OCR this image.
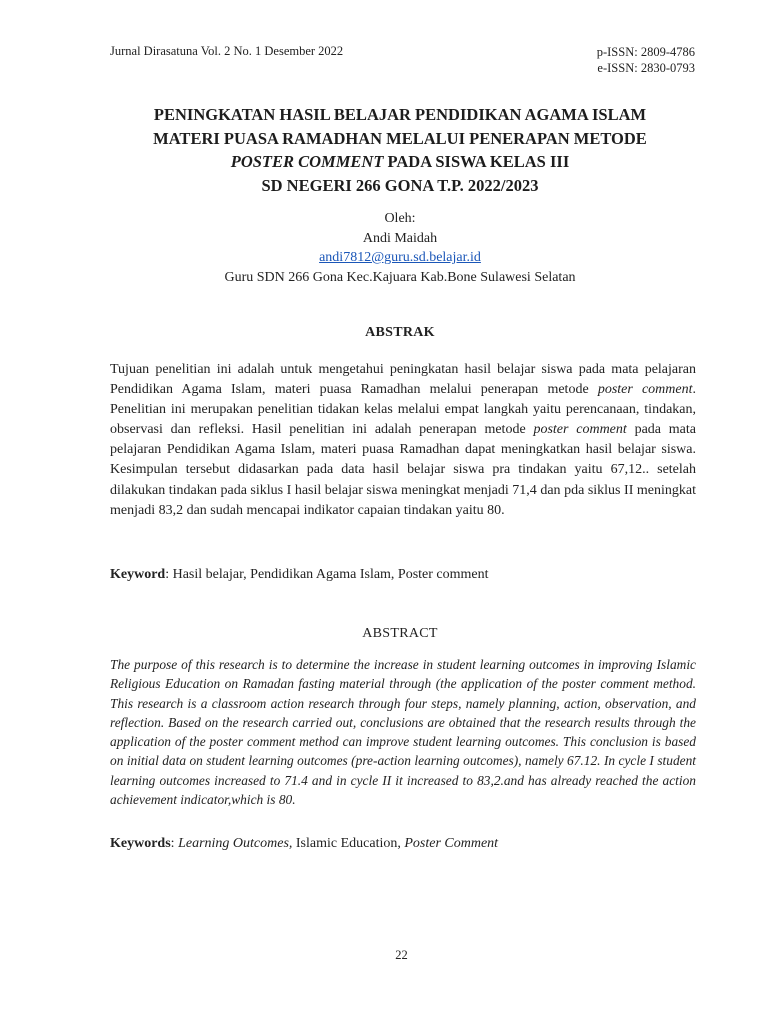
Jurnal Dirasatuna Vol. 2 No. 1 Desember 2022	p-ISSN: 2809-4786
e-ISSN: 2830-0793
PENINGKATAN HASIL BELAJAR PENDIDIKAN AGAMA ISLAM
MATERI PUASA RAMADHAN MELALUI PENERAPAN METODE
POSTER COMMENT PADA SISWA KELAS III
SD NEGERI 266 GONA T.P. 2022/2023
Oleh:
Andi Maidah
andi7812@guru.sd.belajar.id
Guru SDN 266 Gona Kec.Kajuara Kab.Bone Sulawesi Selatan
ABSTRAK
Tujuan penelitian ini adalah untuk mengetahui peningkatan hasil belajar siswa pada mata pelajaran Pendidikan Agama Islam, materi puasa Ramadhan melalui penerapan metode poster comment. Penelitian ini merupakan penelitian tidakan kelas melalui empat langkah yaitu perencanaan, tindakan, observasi dan refleksi. Hasil penelitian ini adalah penerapan metode poster comment pada mata pelajaran Pendidikan Agama Islam, materi puasa Ramadhan dapat meningkatkan hasil belajar siswa. Kesimpulan tersebut didasarkan pada data hasil belajar siswa pra tindakan yaitu 67,12.. setelah dilakukan tindakan pada siklus I hasil belajar siswa meningkat menjadi 71,4 dan pda siklus II meningkat menjadi 83,2 dan sudah mencapai indikator capaian tindakan yaitu 80.
Keyword: Hasil belajar, Pendidikan Agama Islam, Poster comment
ABSTRACT
The purpose of this research is to determine the increase in student learning outcomes in improving Islamic Religious Education on Ramadan fasting material through (the application of the poster comment method. This research is a classroom action research through four steps, namely planning, action, observation, and reflection. Based on the research carried out, conclusions are obtained that the research results through the application of the poster comment method can improve student learning outcomes. This conclusion is based on initial data on student learning outcomes (pre-action learning outcomes), namely 67.12. In cycle I student learning outcomes increased to 71.4 and in cycle II it increased to 83,2.and has already reached the action achievement indicator,which is 80.
Keywords: Learning Outcomes, Islamic Education, Poster Comment
22
